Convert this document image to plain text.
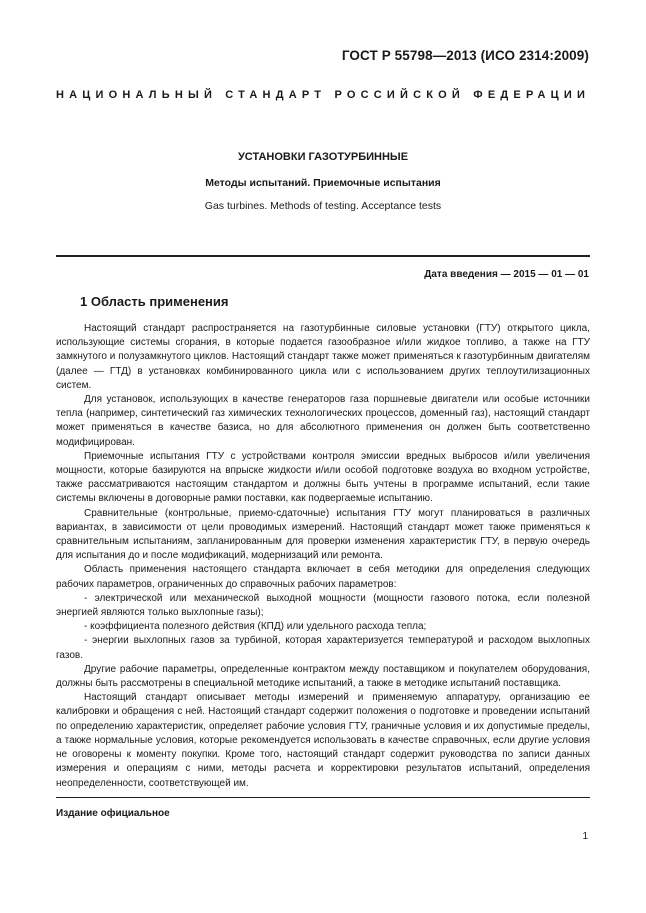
ГОСТ Р 55798—2013 (ИСО 2314:2009)
НАЦИОНАЛЬНЫЙ СТАНДАРТ РОССИЙСКОЙ ФЕДЕРАЦИИ

УСТАНОВКИ ГАЗОТУРБИННЫЕ

Методы испытаний. Приемочные испытания

Gas turbines. Methods of testing. Acceptance tests

Дата введения — 2015 — 01 — 01
1 Область применения

Настоящий стандарт распространяется на газотурбинные силовые установки (ГТУ) открытого цикла, использующие системы сгорания, в которые подается газообразное и/или жидкое топливо, а также на ГТУ замкнутого и полузамкнутого циклов. Настоящий стандарт также может применяться к газотурбинным двигателям (далее — ГТД) в установках комбинированного цикла или с использованием других теплоутилизационных систем.

Для установок, использующих в качестве генераторов газа поршневые двигатели или особые источники тепла (например, синтетический газ химических технологических процессов, доменный газ), настоящий стандарт может применяться в качестве базиса, но для абсолютного применения он должен быть соответственно модифицирован.

Приемочные испытания ГТУ с устройствами контроля эмиссии вредных выбросов и/или увеличения мощности, которые базируются на впрыске жидкости и/или особой подготовке воздуха во входном устройстве, также рассматриваются настоящим стандартом и должны быть учтены в программе испытаний, если такие системы включены в договорные рамки поставки, как подвергаемые испытанию.

Сравнительные (контрольные, приемо-сдаточные) испытания ГТУ могут планироваться в различных вариантах, в зависимости от цели проводимых измерений. Настоящий стандарт может также применяться к сравнительным испытаниям, запланированным для проверки изменения характеристик ГТУ, в первую очередь для испытания до и после модификаций, модернизаций или ремонта.

Область применения настоящего стандарта включает в себя методики для определения следующих рабочих параметров, ограниченных до справочных рабочих параметров:

- электрической или механической выходной мощности (мощности газового потока, если полезной энергией являются только выхлопные газы);

- коэффициента полезного действия (КПД) или удельного расхода тепла;

- энергии выхлопных газов за турбиной, которая характеризуется температурой и расходом выхлопных газов.

Другие рабочие параметры, определенные контрактом между поставщиком и покупателем оборудования, должны быть рассмотрены в специальной методике испытаний, а также в методике испытаний поставщика.

Настоящий стандарт описывает методы измерений и применяемую аппаратуру, организацию ее калибровки и обращения с ней. Настоящий стандарт содержит положения о подготовке и проведении испытаний по определению характеристик, определяет рабочие условия ГТУ, граничные условия и их допустимые пределы, а также нормальные условия, которые рекомендуется использовать в качестве справочных, если другие условия не оговорены к моменту покупки. Кроме того, настоящий стандарт содержит руководства по записи данных измерения и операциям с ними, методы расчета и корректировки результатов испытаний, определения неопределенности, соответствующей им.

Издание официальное
1
